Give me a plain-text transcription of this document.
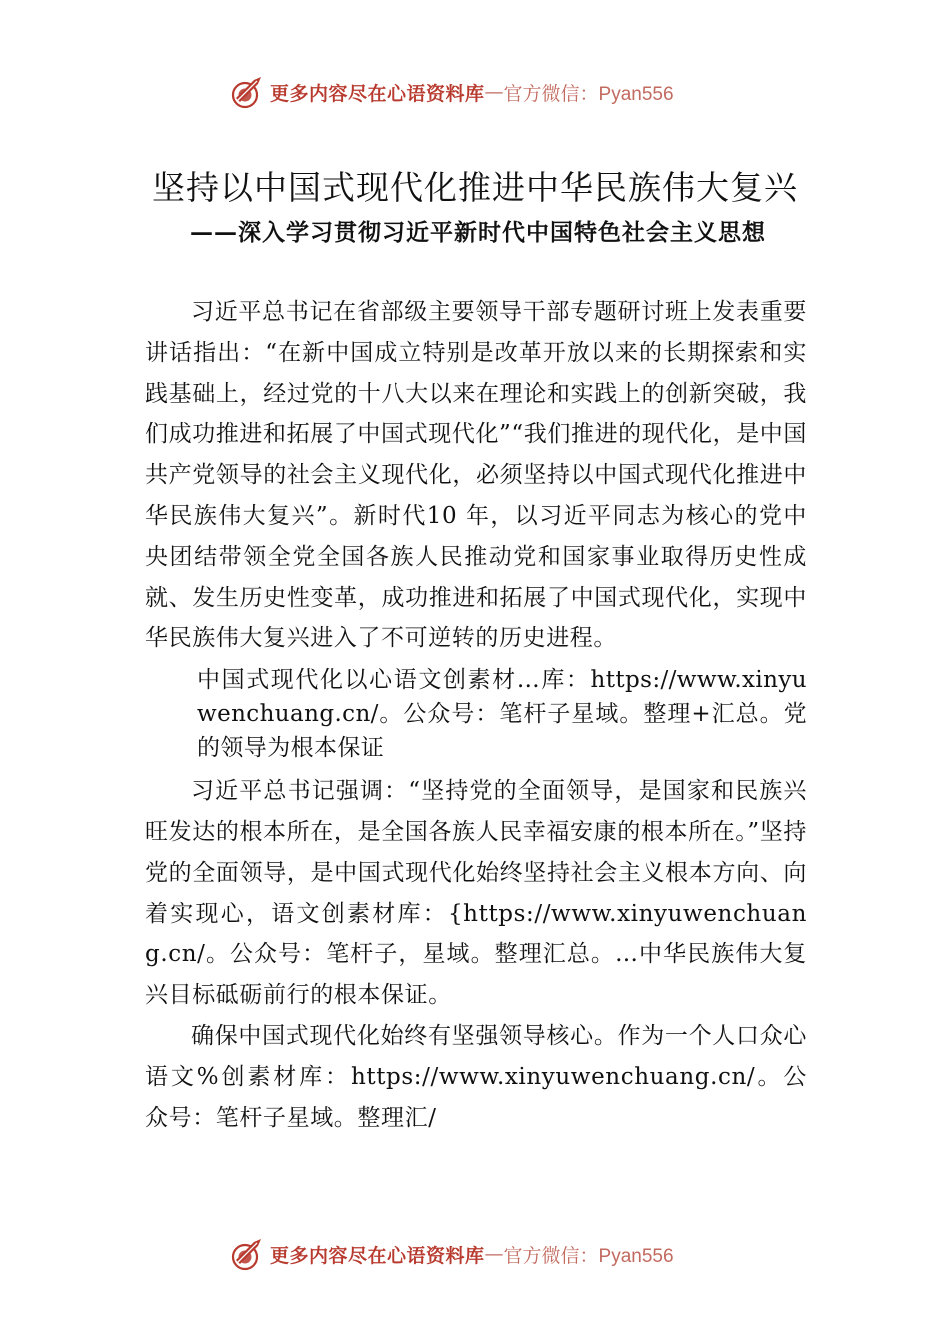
更多内容尽在心语资料库 — 官方微信：Pyan556
坚持以中国式现代化推进中华民族伟大复兴
——深入学习贯彻习近平新时代中国特色社会主义思想

习近平总书记在省部级主要领导干部专题研讨班上发表重要讲话指出：“在新中国成立特别是改革开放以来的长期探索和实践基础上，经过党的十八大以来在理论和实践上的创新突破，我们成功推进和拓展了中国式现代化”“我们推进的现代化，是中国共产党领导的社会主义现代化，必须坚持以中国式现代化推进中华民族伟大复兴”。新时代10 年，以习近平同志为核心的党中央团结带领全党全国各族人民推动党和国家事业取得历史性成就、发生历史性变革，成功推进和拓展了中国式现代化，实现中华民族伟大复兴进入了不可逆转的历史进程。

中国式现代化以心语文创素材…库：https://www.xinyuwenchuang.cn/。公众号：笔杆子星域。整理+汇总。党的领导为根本保证

习近平总书记强调：“坚持党的全面领导，是国家和民族兴旺发达的根本所在，是全国各族人民幸福安康的根本所在。”坚持党的全面领导，是中国式现代化始终坚持社会主义根本方向、向着实现心，语文创素材库：{https://www.xinyuwenchuang.cn/。公众号：笔杆子，星域。整理汇总。…中华民族伟大复兴目标砥砺前行的根本保证。

确保中国式现代化始终有坚强领导核心。作为一个人口众心语文%创素材库：https://www.xinyuwenchuang.cn/。公众号：笔杆子星域。整理汇/

更多内容尽在心语资料库 — 官方微信：Pyan556
